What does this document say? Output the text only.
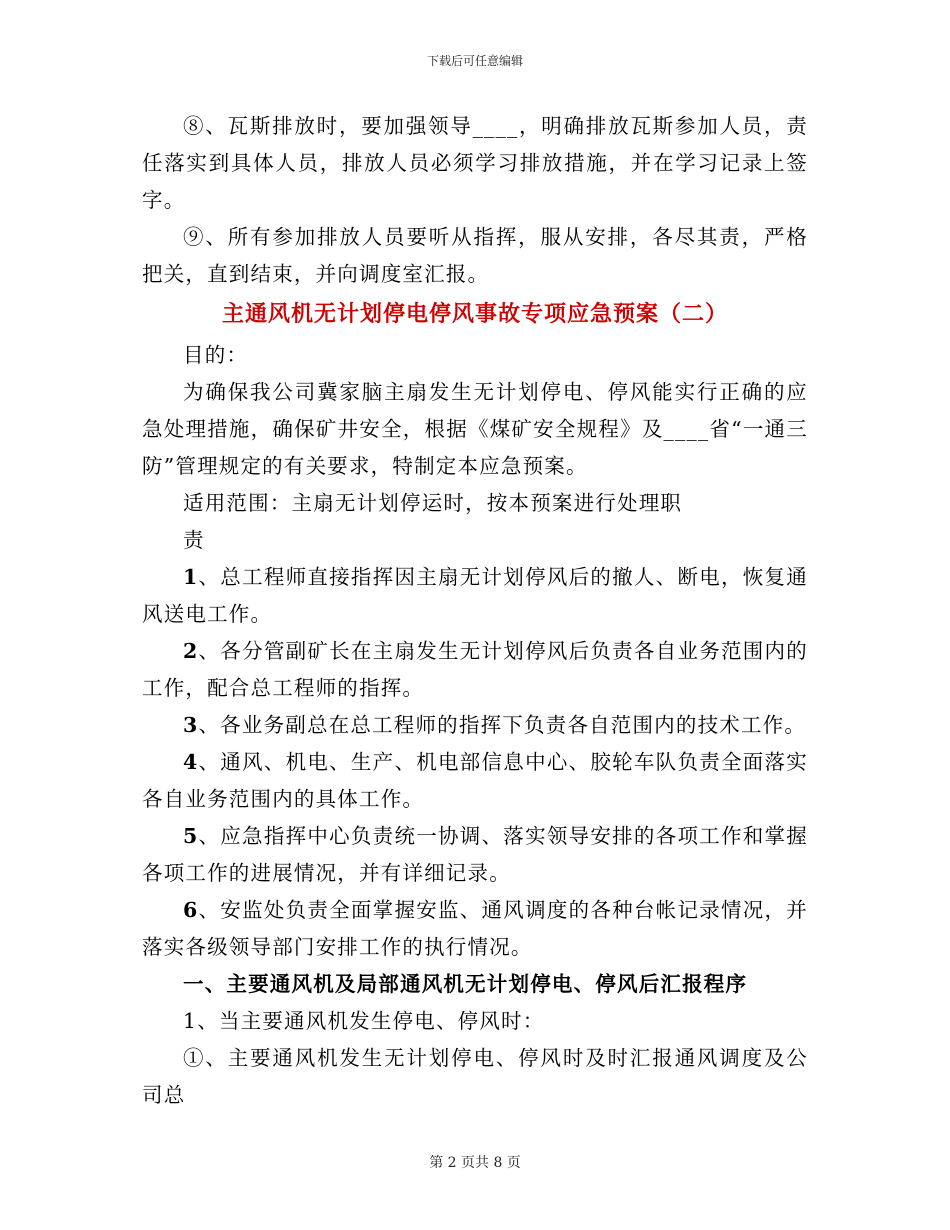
下载后可任意编辑

⑧、瓦斯排放时，要加强领导____，明确排放瓦斯参加人员，责任落实到具体人员，排放人员必须学习排放措施，并在学习记录上签字。

⑨、所有参加排放人员要听从指挥，服从安排，各尽其责，严格把关，直到结束，并向调度室汇报。

主通风机无计划停电停风事故专项应急预案（二）

目的：

为确保我公司冀家脑主扇发生无计划停电、停风能实行正确的应急处理措施，确保矿井安全，根据《煤矿安全规程》及____省“一通三防”管理规定的有关要求，特制定本应急预案。

适用范围：主扇无计划停运时，按本预案进行处理职

责

1、总工程师直接指挥因主扇无计划停风后的撤人、断电，恢复通风送电工作。

2、各分管副矿长在主扇发生无计划停风后负责各自业务范围内的工作，配合总工程师的指挥。

3、各业务副总在总工程师的指挥下负责各自范围内的技术工作。

4、通风、机电、生产、机电部信息中心、胶轮车队负责全面落实各自业务范围内的具体工作。

5、应急指挥中心负责统一协调、落实领导安排的各项工作和掌握各项工作的进展情况，并有详细记录。

6、安监处负责全面掌握安监、通风调度的各种台帐记录情况，并落实各级领导部门安排工作的执行情况。

一、主要通风机及局部通风机无计划停电、停风后汇报程序

1、当主要通风机发生停电、停风时：

①、主要通风机发生无计划停电、停风时及时汇报通风调度及公司总

第 2 页共 8 页
